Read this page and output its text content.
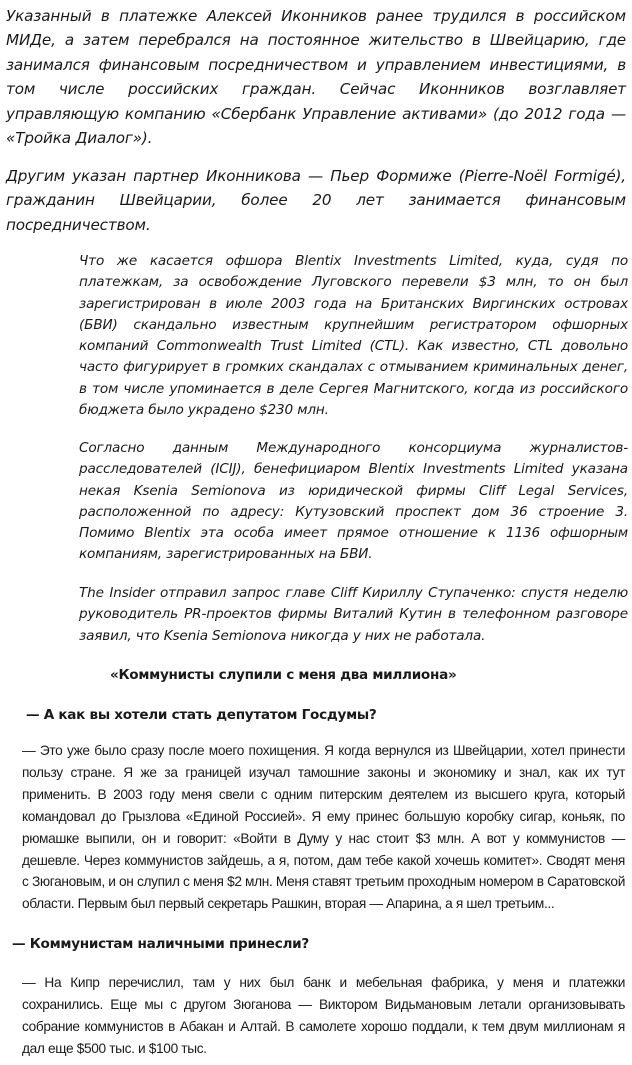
Указанный в платежке Алексей Иконников ранее трудился в российском МИДе, а затем перебрался на постоянное жительство в Швейцарию, где занимался финансовым посредничеством и управлением инвестициями, в том числе российских граждан. Сейчас Иконников возглавляет управляющую компанию «Сбербанк Управление активами» (до 2012 года — «Тройка Диалог»).

Другим указан партнер Иконникова — Пьер Формиже (Pierre-Noël Formigé), гражданин Швейцарии, более 20 лет занимается финансовым посредничеством.

Что же касается офшора Blentix Investments Limited, куда, судя по платежкам, за освобождение Луговского перевели $3 млн, то он был зарегистрирован в июле 2003 года на Британских Виргинских островах (БВИ) скандально известным крупнейшим регистратором офшорных компаний Commonwealth Trust Limited (CTL). Как известно, CTL довольно часто фигурирует в громких скандалах с отмыванием криминальных денег, в том числе упоминается в деле Сергея Магнитского, когда из российского бюджета было украдено $230 млн.

Согласно данным Международного консорциума журналистов-расследователей (ICIJ), бенефициаром Blentix Investments Limited указана некая Ksenia Semionova из юридической фирмы Cliff Legal Services, расположенной по адресу: Кутузовский проспект дом 36 строение 3. Помимо Blentix эта особа имеет прямое отношение к 1136 офшорным компаниям, зарегистрированных на БВИ.

The Insider отправил запрос главе Cliff Кириллу Ступаченко: спустя неделю руководитель PR-проектов фирмы Виталий Кутин в телефонном разговоре заявил, что Ksenia Semionova никогда у них не работала.

«Коммунисты слупили с меня два миллиона»

— А как вы хотели стать депутатом Госдумы?

— Это уже было сразу после моего похищения. Я когда вернулся из Швейцарии, хотел принести пользу стране. Я же за границей изучал тамошние законы и экономику и знал, как их тут применить. В 2003 году меня свели с одним питерским деятелем из высшего круга, который командовал до Грызлова «Единой Россией». Я ему принес большую коробку сигар, коньяк, по рюмашке выпили, он и говорит: «Войти в Думу у нас стоит $3 млн. А вот у коммунистов — дешевле. Через коммунистов зайдешь, а я, потом, дам тебе какой хочешь комитет». Сводят меня с Зюгановым, и он слупил с меня $2 млн. Меня ставят третьим проходным номером в Саратовской области. Первым был первый секретарь Рашкин, вторая — Апарина, а я шел третьим...

— Коммунистам наличными принесли?

— На Кипр перечислил, там у них был банк и мебельная фабрика, у меня и платежки сохранились. Еще мы с другом Зюганова — Виктором Видьмановым летали организовывать собрание коммунистов в Абакан и Алтай. В самолете хорошо поддали, к тем двум миллионам я дал еще $500 тыс. и $100 тыс.
